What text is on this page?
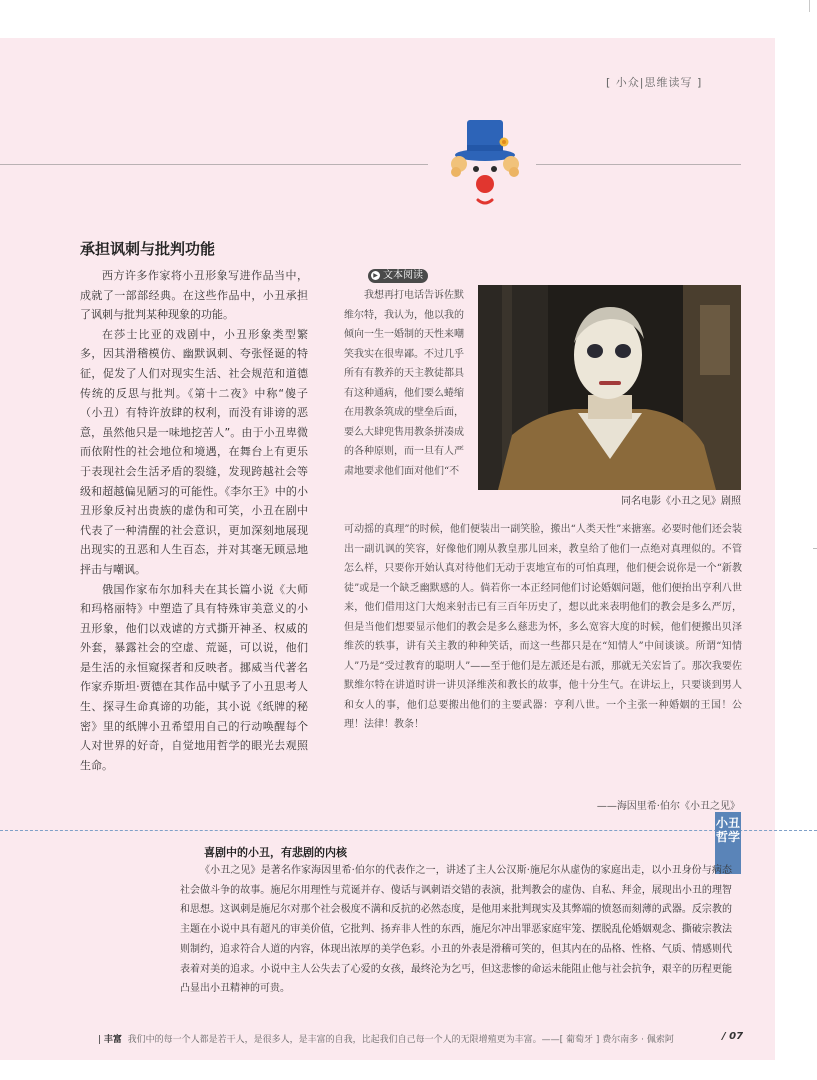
[ 小众|思维读写 ]
承担讽刺与批判功能

西方许多作家将小丑形象写进作品当中，成就了一部部经典。在这些作品中，小丑承担了讽刺与批判某种现象的功能。

在莎士比亚的戏剧中，小丑形象类型繁多，因其滑稽模仿、幽默讽刺、夸张怪诞的特征，促发了人们对现实生活、社会规范和道德传统的反思与批判。《第十二夜》中称“傻子（小丑）有特许放肆的权利，而没有诽谤的恶意，虽然他只是一味地挖苦人”。由于小丑卑微而依附性的社会地位和境遇，在舞台上有更乐于表现社会生活矛盾的裂缝，发现跨越社会等级和超越偏见陋习的可能性。《李尔王》中的小丑形象反衬出贵族的虚伪和可笑，小丑在剧中代表了一种清醒的社会意识，更加深刻地展现出现实的丑恶和人生百态，并对其毫无顾忌地抨击与嘲讽。

俄国作家布尔加科夫在其长篇小说《大师和玛格丽特》中塑造了具有特殊审美意义的小丑形象，他们以戏谑的方式撕开神圣、权威的外套，暴露社会的空虚、荒诞，可以说，他们是生活的永恒窥探者和反映者。挪威当代著名作家乔斯坦·贾德在其作品中赋予了小丑思考人生、探寻生命真谛的功能，其小说《纸牌的秘密》里的纸牌小丑希望用自己的行动唤醒每个人对世界的好奇，自觉地用哲学的眼光去观照生命。

▶ 文本阅读

我想再打电话告诉佐默维尔特，我认为，他以我的倾向一生一婚制的天性来嘲笑我实在很卑鄙。不过几乎所有有教养的天主教徒都具有这种通病，他们要么蜷缩在用教条筑成的壁垒后面，要么大肆兜售用教条拼凑成的各种原则，而一旦有人严肃地要求他们面对他们“不

同名电影《小丑之见》剧照

可动摇的真理”的时候，他们便装出一副笑脸，搬出“人类天性”来搪塞。必要时他们还会装出一副讥讽的笑容，好像他们刚从教皇那儿回来，教皇给了他们一点绝对真理似的。不管怎么样，只要你开始认真对待他们无动于衷地宣布的可怕真理，他们便会说你是一个“新教徒”或是一个缺乏幽默感的人。倘若你一本正经同他们讨论婚姻问题，他们便抬出亨利八世来，他们借用这门大炮来射击已有三百年历史了，想以此来表明他们的教会是多么严厉，但是当他们想要显示他们的教会是多么慈悲为怀，多么宽容大度的时候，他们便搬出贝泽维茨的轶事，讲有关主教的种种笑话，而这一些都只是在“知情人”中间谈谈。所谓“知情人”乃是“受过教育的聪明人”——至于他们是左派还是右派，那就无关宏旨了。那次我要佐默维尔特在讲道时讲一讲贝泽维茨和教长的故事，他十分生气。在讲坛上，只要谈到男人和女人的事，他们总要搬出他们的主要武器：亨利八世。一个主张一种婚姻的王国！公理！法律！教条！

——海因里希·伯尔《小丑之见》
小丑
哲学
喜剧中的小丑，有悲剧的内核

《小丑之见》是著名作家海因里希·伯尔的代表作之一，讲述了主人公汉斯·施尼尔从虚伪的家庭出走，以小丑身份与病态社会做斗争的故事。施尼尔用理性与荒诞并存、傻话与讽刺语交错的表演，批判教会的虚伪、自私、拜金，展现出小丑的理智和思想。这讽刺是施尼尔对那个社会极度不满和反抗的必然态度，是他用来批判现实及其弊端的愤怒而刻薄的武器。反宗教的主题在小说中具有超凡的审美价值，它批判、扬弃非人性的东西，施尼尔冲出罪恶家庭牢笼、摆脱乱伦婚姻观念、撕破宗教法则制约，追求符合人道的内容，体现出浓厚的美学色彩。小丑的外表是滑稽可笑的，但其内在的品格、性格、气质、情感则代表着对美的追求。小说中主人公失去了心爱的女孩，最终沦为乞丐，但这悲惨的命运未能阻止他与社会抗争，艰辛的历程更能凸显出小丑精神的可贵。

| 丰富 我们中的每一个人都是若干人，是很多人，是丰富的自我，比起我们自己每一个人的无限增殖更为丰富。——[ 葡萄牙 ] 费尔南多 · 佩索阿	/ 07
